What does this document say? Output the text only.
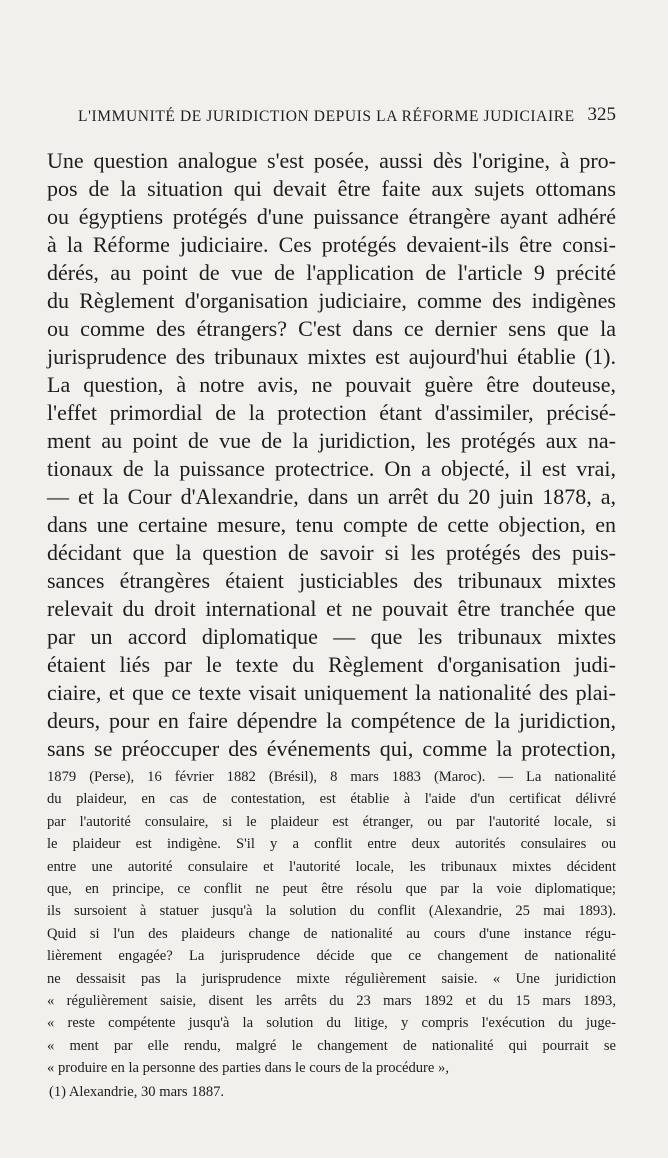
L'IMMUNITÉ DE JURIDICTION DEPUIS LA RÉFORME JUDICIAIRE 325
Une question analogue s'est posée, aussi dès l'origine, à pro-
pos de la situation qui devait être faite aux sujets ottomans
ou égyptiens protégés d'une puissance étrangère ayant adhéré
à la Réforme judiciaire. Ces protégés devaient-ils être consi-
dérés, au point de vue de l'application de l'article 9 précité
du Règlement d'organisation judiciaire, comme des indigènes
ou comme des étrangers? C'est dans ce dernier sens que la
jurisprudence des tribunaux mixtes est aujourd'hui établie (1).
La question, à notre avis, ne pouvait guère être douteuse,
l'effet primordial de la protection étant d'assimiler, précisé-
ment au point de vue de la juridiction, les protégés aux na-
tionaux de la puissance protectrice. On a objecté, il est vrai,
— et la Cour d'Alexandrie, dans un arrêt du 20 juin 1878, a,
dans une certaine mesure, tenu compte de cette objection, en
décidant que la question de savoir si les protégés des puis-
sances étrangères étaient justiciables des tribunaux mixtes
relevait du droit international et ne pouvait être tranchée que
par un accord diplomatique — que les tribunaux mixtes
étaient liés par le texte du Règlement d'organisation judi-
ciaire, et que ce texte visait uniquement la nationalité des plai-
deurs, pour en faire dépendre la compétence de la juridiction,
sans se préoccuper des événements qui, comme la protection,
1879 (Perse), 16 février 1882 (Brésil), 8 mars 1883 (Maroc). — La nationalité
du plaideur, en cas de contestation, est établie à l'aide d'un certificat délivré
par l'autorité consulaire, si le plaideur est étranger, ou par l'autorité locale, si
le plaideur est indigène. S'il y a conflit entre deux autorités consulaires ou
entre une autorité consulaire et l'autorité locale, les tribunaux mixtes décident
que, en principe, ce conflit ne peut être résolu que par la voie diplomatique;
ils sursoient à statuer jusqu'à la solution du conflit (Alexandrie, 25 mai 1893).
Quid si l'un des plaideurs change de nationalité au cours d'une instance régu-
lièrement engagée? La jurisprudence décide que ce changement de nationalité
ne dessaisit pas la jurisprudence mixte régulièrement saisie. « Une juridiction
« régulièrement saisie, disent les arrêts du 23 mars 1892 et du 15 mars 1893,
« reste compétente jusqu'à la solution du litige, y compris l'exécution du juge-
« ment par elle rendu, malgré le changement de nationalité qui pourrait se
« produire en la personne des parties dans le cours de la procédure »,
(1) Alexandrie, 30 mars 1887.
